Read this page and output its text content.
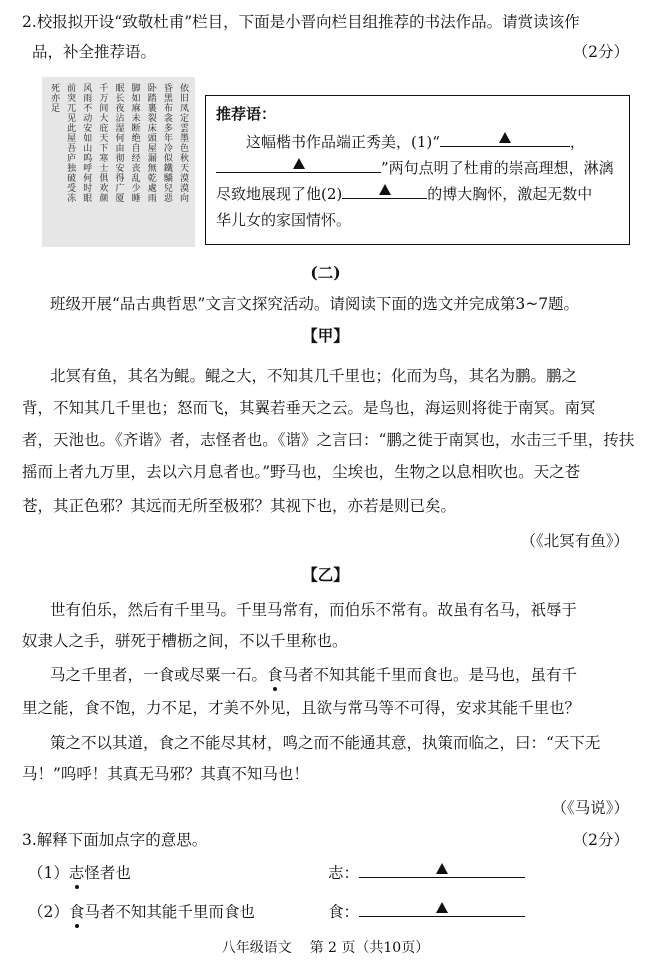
2.校报拟开设“致敬杜甫”栏目，下面是小晋向栏目组推荐的书法作品。请赏读该作
品，补全推荐语。	（2分）
依旧凤定雲墨色秋天漠漠向
昏黑布衾多年冷似鐵驕兒惡
卧踏裹裂床頭屋漏無乾處雨
脚如麻未断绝自经丧乱少睡
眠长夜沾湿何由彻安得广厦
千万间大庇天下寒士俱欢颜
风雨不动安如山呜呼何时眼
前突兀见此屋吾庐独破受冻
死亦足
推荐语：
这幅楷书作品端正秀美，(1)“	，
”两句点明了杜甫的崇高理想，淋漓
尽致地展现了他(2)	的博大胸怀，激起无数中
华儿女的家国情怀。
(二)
班级开展“品古典哲思”文言文探究活动。请阅读下面的选文并完成第3~7题。
【甲】
北冥有鱼，其名为鲲。鲲之大，不知其几千里也；化而为鸟，其名为鹏。鹏之
背，不知其几千里也；怒而飞，其翼若垂天之云。是鸟也，海运则将徙于南冥。南冥
者，天池也。《齐谐》者，志怪者也。《谐》之言曰：“鹏之徙于南冥也，水击三千里，抟扶
摇而上者九万里，去以六月息者也。”野马也，尘埃也，生物之以息相吹也。天之苍
苍，其正色邪？其远而无所至极邪？其视下也，亦若是则已矣。
（《北冥有鱼》）
【乙】
世有伯乐，然后有千里马。千里马常有，而伯乐不常有。故虽有名马，祇辱于
奴隶人之手，骈死于槽枥之间，不以千里称也。
马之千里者，一食或尽粟一石。食马者不知其能千里而食也。是马也，虽有千
里之能，食不饱，力不足，才美不外见，且欲与常马等不可得，安求其能千里也？
策之不以其道，食之不能尽其材，鸣之而不能通其意，执策而临之，曰：“天下无
马！”呜呼！其真无马邪？其真不知马也！
（《马说》）
3.解释下面加点字的意思。	（2分）
（1）志怪者也	志：
（2）食马者不知其能千里而食也	食：
八年级语文    第 2 页（共10页）
